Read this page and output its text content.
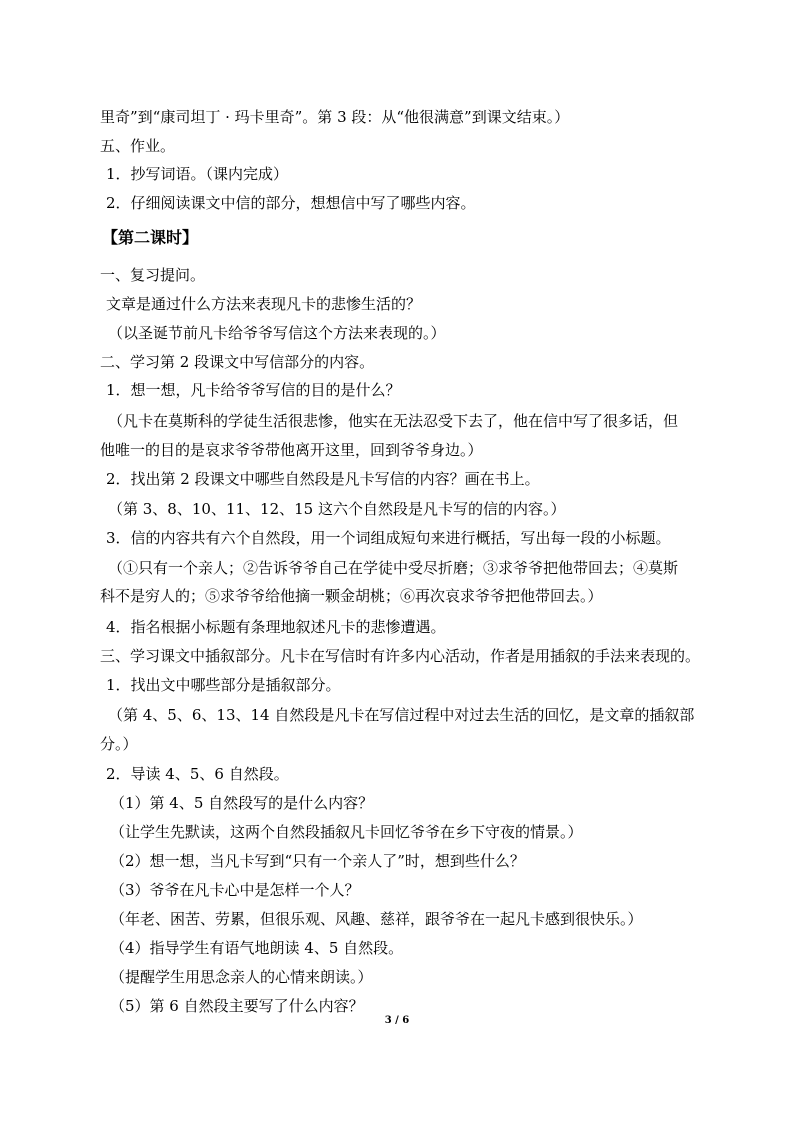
里奇”到“康司坦丁 · 玛卡里奇”。第 3 段：从“他很满意”到课文结束。）
五、作业。
1．抄写词语。（课内完成）
2．仔细阅读课文中信的部分，想想信中写了哪些内容。
【第二课时】
一、复习提问。
文章是通过什么方法来表现凡卡的悲惨生活的？
（以圣诞节前凡卡给爷爷写信这个方法来表现的。）
二、学习第 2 段课文中写信部分的内容。
1．想一想，凡卡给爷爷写信的目的是什么？
（凡卡在莫斯科的学徒生活很悲惨，他实在无法忍受下去了，他在信中写了很多话，但
他唯一的目的是哀求爷爷带他离开这里，回到爷爷身边。）
2．找出第 2 段课文中哪些自然段是凡卡写信的内容？画在书上。
（第 3、8、10、11、12、15 这六个自然段是凡卡写的信的内容。）
3．信的内容共有六个自然段，用一个词组成短句来进行概括，写出每一段的小标题。
（①只有一个亲人；②告诉爷爷自己在学徒中受尽折磨；③求爷爷把他带回去；④莫斯
科不是穷人的；⑤求爷爷给他摘一颗金胡桃；⑥再次哀求爷爷把他带回去。）
4．指名根据小标题有条理地叙述凡卡的悲惨遭遇。
三、学习课文中插叙部分。凡卡在写信时有许多内心活动，作者是用插叙的手法来表现的。
1．找出文中哪些部分是插叙部分。
（第 4、5、6、13、14 自然段是凡卡在写信过程中对过去生活的回忆，是文章的插叙部
分。）
2．导读 4、5、6 自然段。
（1）第 4、5 自然段写的是什么内容？
（让学生先默读，这两个自然段插叙凡卡回忆爷爷在乡下守夜的情景。）
（2）想一想，当凡卡写到“只有一个亲人了”时，想到些什么？
（3）爷爷在凡卡心中是怎样一个人？
（年老、困苦、劳累，但很乐观、风趣、慈祥，跟爷爷在一起凡卡感到很快乐。）
（4）指导学生有语气地朗读 4、5 自然段。
（提醒学生用思念亲人的心情来朗读。）
（5）第 6 自然段主要写了什么内容？
3 / 6
